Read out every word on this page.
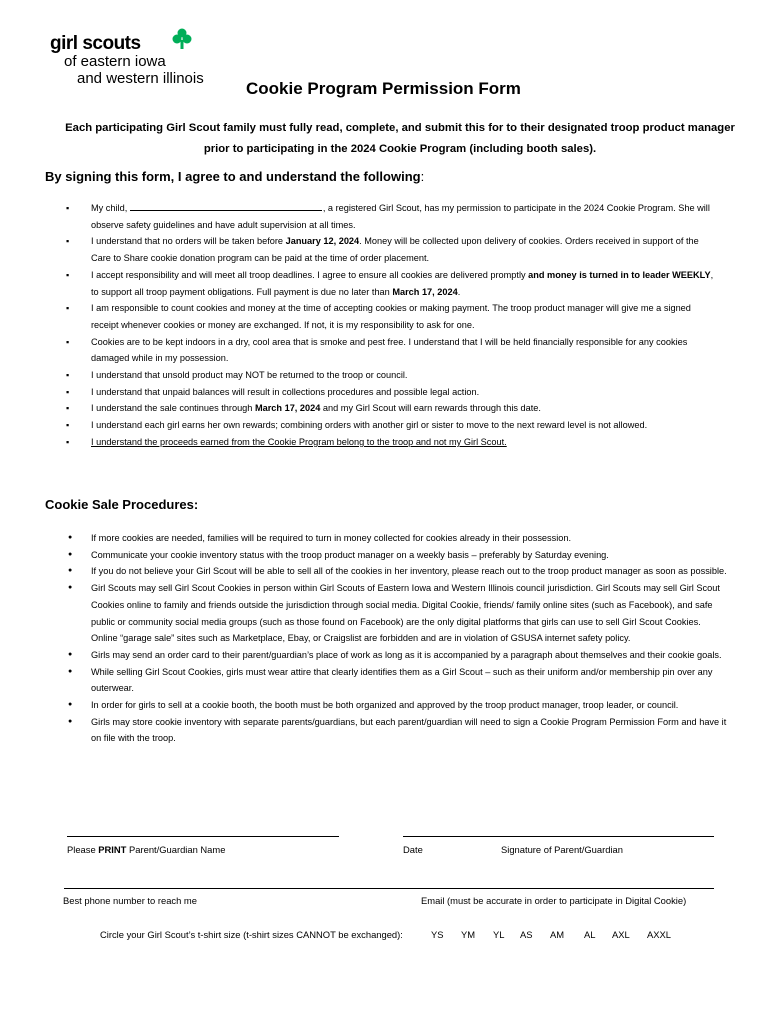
girl scouts
of eastern iowa
and western illinois
Cookie Program Permission Form
Each participating Girl Scout family must fully read, complete, and submit this for to their designated troop product manager prior to participating in the 2024 Cookie Program (including booth sales).
By signing this form, I agree to and understand the following:
▪ My child,	, a registered Girl Scout, has my permission to participate in the 2024 Cookie Program. She will observe safety guidelines and have adult supervision at all times.
▪ I understand that no orders will be taken before January 12, 2024. Money will be collected upon delivery of cookies. Orders received in support of the Care to Share cookie donation program can be paid at the time of order placement.
▪ I accept responsibility and will meet all troop deadlines. I agree to ensure all cookies are delivered promptly and money is turned in to leader WEEKLY, to support all troop payment obligations. Full payment is due no later than March 17, 2024.
▪ I am responsible to count cookies and money at the time of accepting cookies or making payment. The troop product manager will give me a signed receipt whenever cookies or money are exchanged. If not, it is my responsibility to ask for one.
▪ Cookies are to be kept indoors in a dry, cool area that is smoke and pest free. I understand that I will be held financially responsible for any cookies damaged while in my possession.
▪ I understand that unsold product may NOT be returned to the troop or council.
▪ I understand that unpaid balances will result in collections procedures and possible legal action.
▪ I understand the sale continues through March 17, 2024 and my Girl Scout will earn rewards through this date.
▪ I understand each girl earns her own rewards; combining orders with another girl or sister to move to the next reward level is not allowed.
▪ I understand the proceeds earned from the Cookie Program belong to the troop and not my Girl Scout.
Cookie Sale Procedures:
● If more cookies are needed, families will be required to turn in money collected for cookies already in their possession.
● Communicate your cookie inventory status with the troop product manager on a weekly basis – preferably by Saturday evening.
● If you do not believe your Girl Scout will be able to sell all of the cookies in her inventory, please reach out to the troop product manager as soon as possible.
● Girl Scouts may sell Girl Scout Cookies in person within Girl Scouts of Eastern Iowa and Western Illinois council jurisdiction. Girl Scouts may sell Girl Scout Cookies online to family and friends outside the jurisdiction through social media. Digital Cookie, friends/ family online sites (such as Facebook), and safe public or community social media groups (such as those found on Facebook) are the only digital platforms that girls can use to sell Girl Scout Cookies. Online “garage sale” sites such as Marketplace, Ebay, or Craigslist are forbidden and are in violation of GSUSA internet safety policy.
● Girls may send an order card to their parent/guardian’s place of work as long as it is accompanied by a paragraph about themselves and their cookie goals.
● While selling Girl Scout Cookies, girls must wear attire that clearly identifies them as a Girl Scout – such as their uniform and/or membership pin over any outerwear.
● In order for girls to sell at a cookie booth, the booth must be both organized and approved by the troop product manager, troop leader, or council.
● Girls may store cookie inventory with separate parents/guardians, but each parent/guardian will need to sign a Cookie Program Permission Form and have it on file with the troop.
Please PRINT Parent/Guardian Name	Date	Signature of Parent/Guardian
Best phone number to reach me	Email (must be accurate in order to participate in Digital Cookie)
Circle your Girl Scout’s t-shirt size (t-shirt sizes CANNOT be exchanged):	YS YM YL AS AM AL AXL AXXL
